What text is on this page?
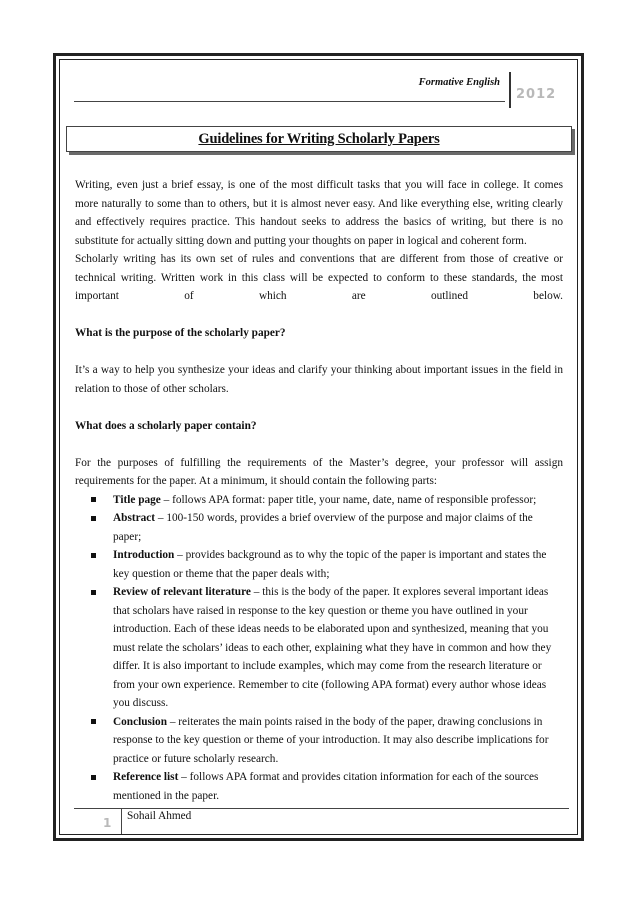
Formative English
2012
Guidelines for Writing Scholarly Papers

Writing, even just a brief essay, is one of the most difficult tasks that you will face in college. It comes more naturally to some than to others, but it is almost never easy. And like everything else, writing clearly and effectively requires practice. This handout seeks to address the basics of writing, but there is no substitute for actually sitting down and putting your thoughts on paper in logical and coherent form.

Scholarly writing has its own set of rules and conventions that are different from those of creative or technical writing. Written work in this class will be expected to conform to these standards, the most important of which are outlined below.

What is the purpose of the scholarly paper?

It’s a way to help you synthesize your ideas and clarify your thinking about important issues in the field in relation to those of other scholars.

What does a scholarly paper contain?

For the purposes of fulfilling the requirements of the Master’s degree, your professor will assign requirements for the paper. At a minimum, it should contain the following parts:

Title page – follows APA format: paper title, your name, date, name of responsible professor;
Abstract – 100-150 words, provides a brief overview of the purpose and major claims of the paper;
Introduction – provides background as to why the topic of the paper is important and states the key question or theme that the paper deals with;
Review of relevant literature – this is the body of the paper. It explores several important ideas that scholars have raised in response to the key question or theme you have outlined in your introduction. Each of these ideas needs to be elaborated upon and synthesized, meaning that you must relate the scholars’ ideas to each other, explaining what they have in common and how they differ. It is also important to include examples, which may come from the research literature or from your own experience. Remember to cite (following APA format) every author whose ideas you discuss.
Conclusion – reiterates the main points raised in the body of the paper, drawing conclusions in response to the key question or theme of your introduction. It may also describe implications for practice or future scholarly research.
Reference list – follows APA format and provides citation information for each of the sources mentioned in the paper.
1 Sohail Ahmed
